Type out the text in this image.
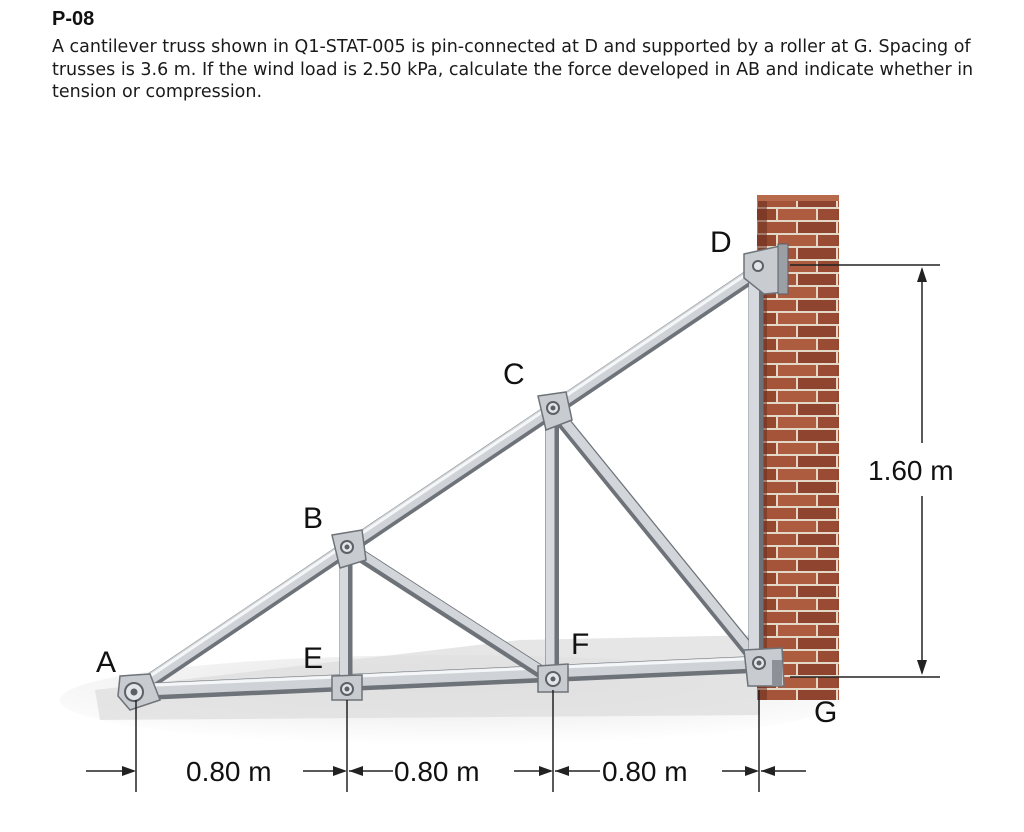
P-08

A cantilever truss shown in Q1-STAT-005 is pin-connected at D and supported by a roller at G. Spacing of trusses is 3.6 m. If the wind load is 2.50 kPa, calculate the force developed in AB and indicate whether in tension or compression.

A
B
C
D
E	F
G
0.80 m	0.80 m	0.80 m
1.60 m
